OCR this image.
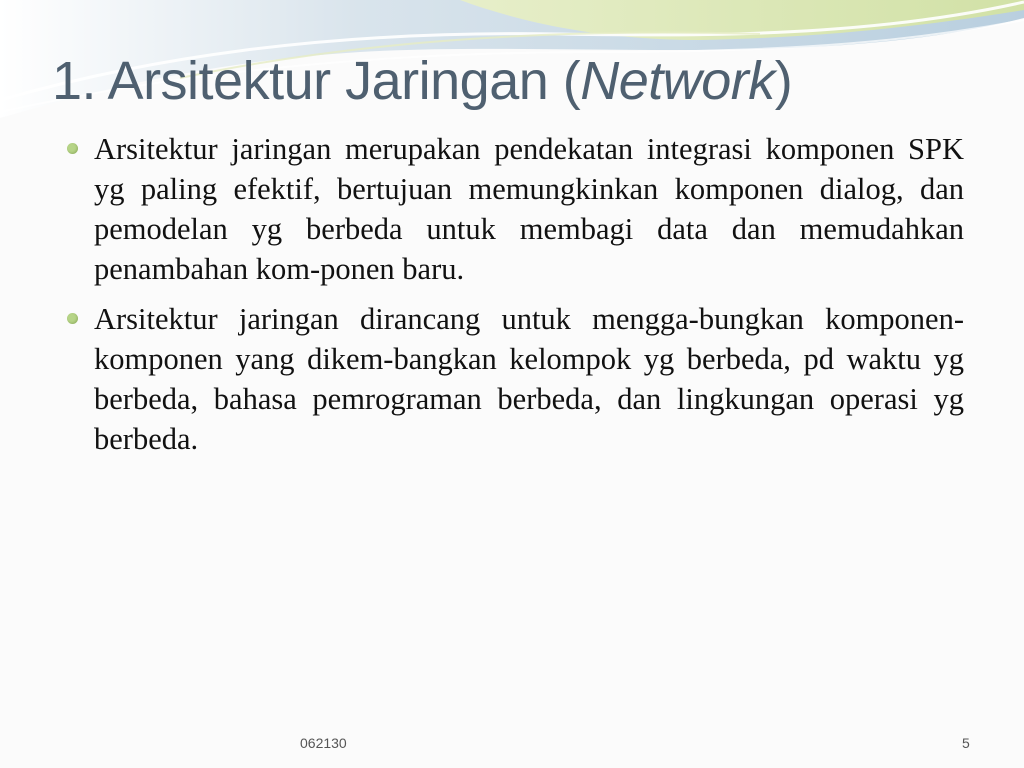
1. Arsitektur Jaringan (Network)
Arsitektur jaringan merupakan pendekatan integrasi komponen SPK yg paling efektif, bertujuan memungkinkan komponen dialog, dan pemodelan yg berbeda untuk membagi data dan memudahkan penambahan kom-ponen baru.
Arsitektur jaringan dirancang untuk mengga-bungkan komponen-komponen yang dikem-bangkan kelompok yg berbeda, pd waktu yg berbeda, bahasa pemrograman berbeda, dan lingkungan operasi yg berbeda.
062130	5
